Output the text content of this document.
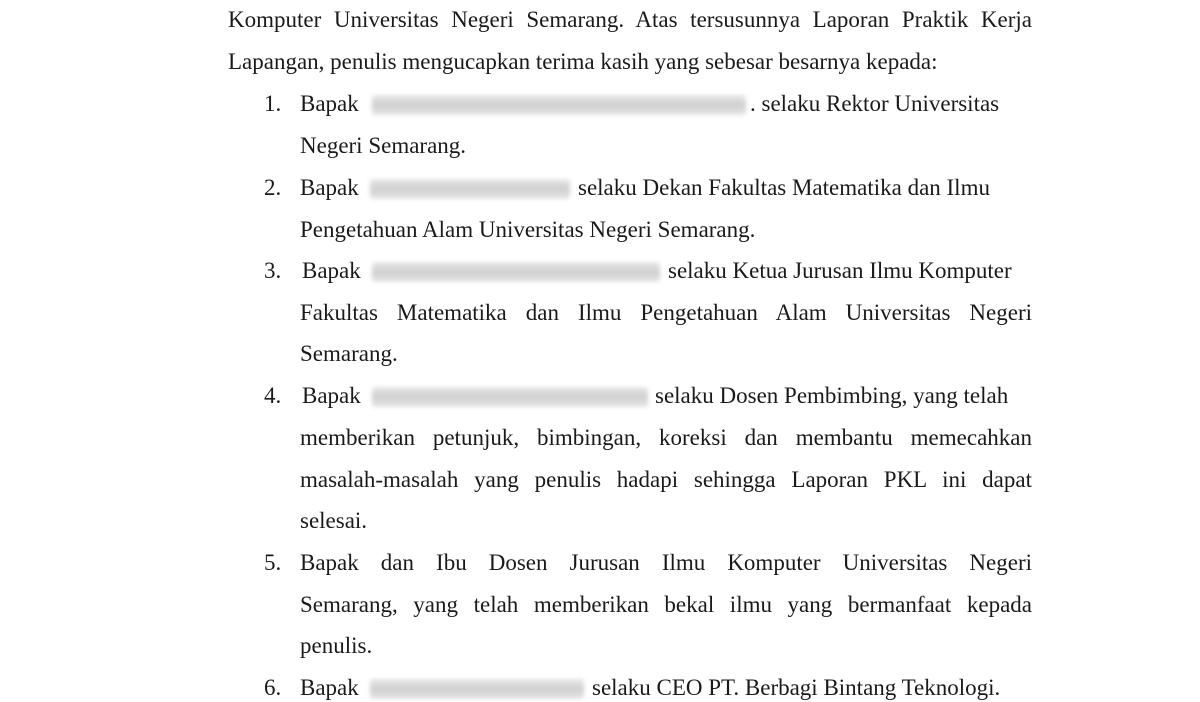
Komputer Universitas Negeri Semarang. Atas tersusunnya Laporan Praktik Kerja
Lapangan, penulis mengucapkan terima kasih yang sebesar besarnya kepada:
1. Bapak	. selaku Rektor Universitas
Negeri Semarang.
2. Bapak	selaku Dekan Fakultas Matematika dan Ilmu
Pengetahuan Alam Universitas Negeri Semarang.
3. Bapak	selaku Ketua Jurusan Ilmu Komputer
Fakultas Matematika dan Ilmu Pengetahuan Alam Universitas Negeri
Semarang.
4. Bapak	selaku Dosen Pembimbing, yang telah
memberikan petunjuk, bimbingan, koreksi dan membantu memecahkan
masalah-masalah yang penulis hadapi sehingga Laporan PKL ini dapat
selesai.
5. Bapak dan Ibu Dosen Jurusan Ilmu Komputer Universitas Negeri
Semarang, yang telah memberikan bekal ilmu yang bermanfaat kepada
penulis.
6. Bapak	selaku CEO PT. Berbagi Bintang Teknologi.
